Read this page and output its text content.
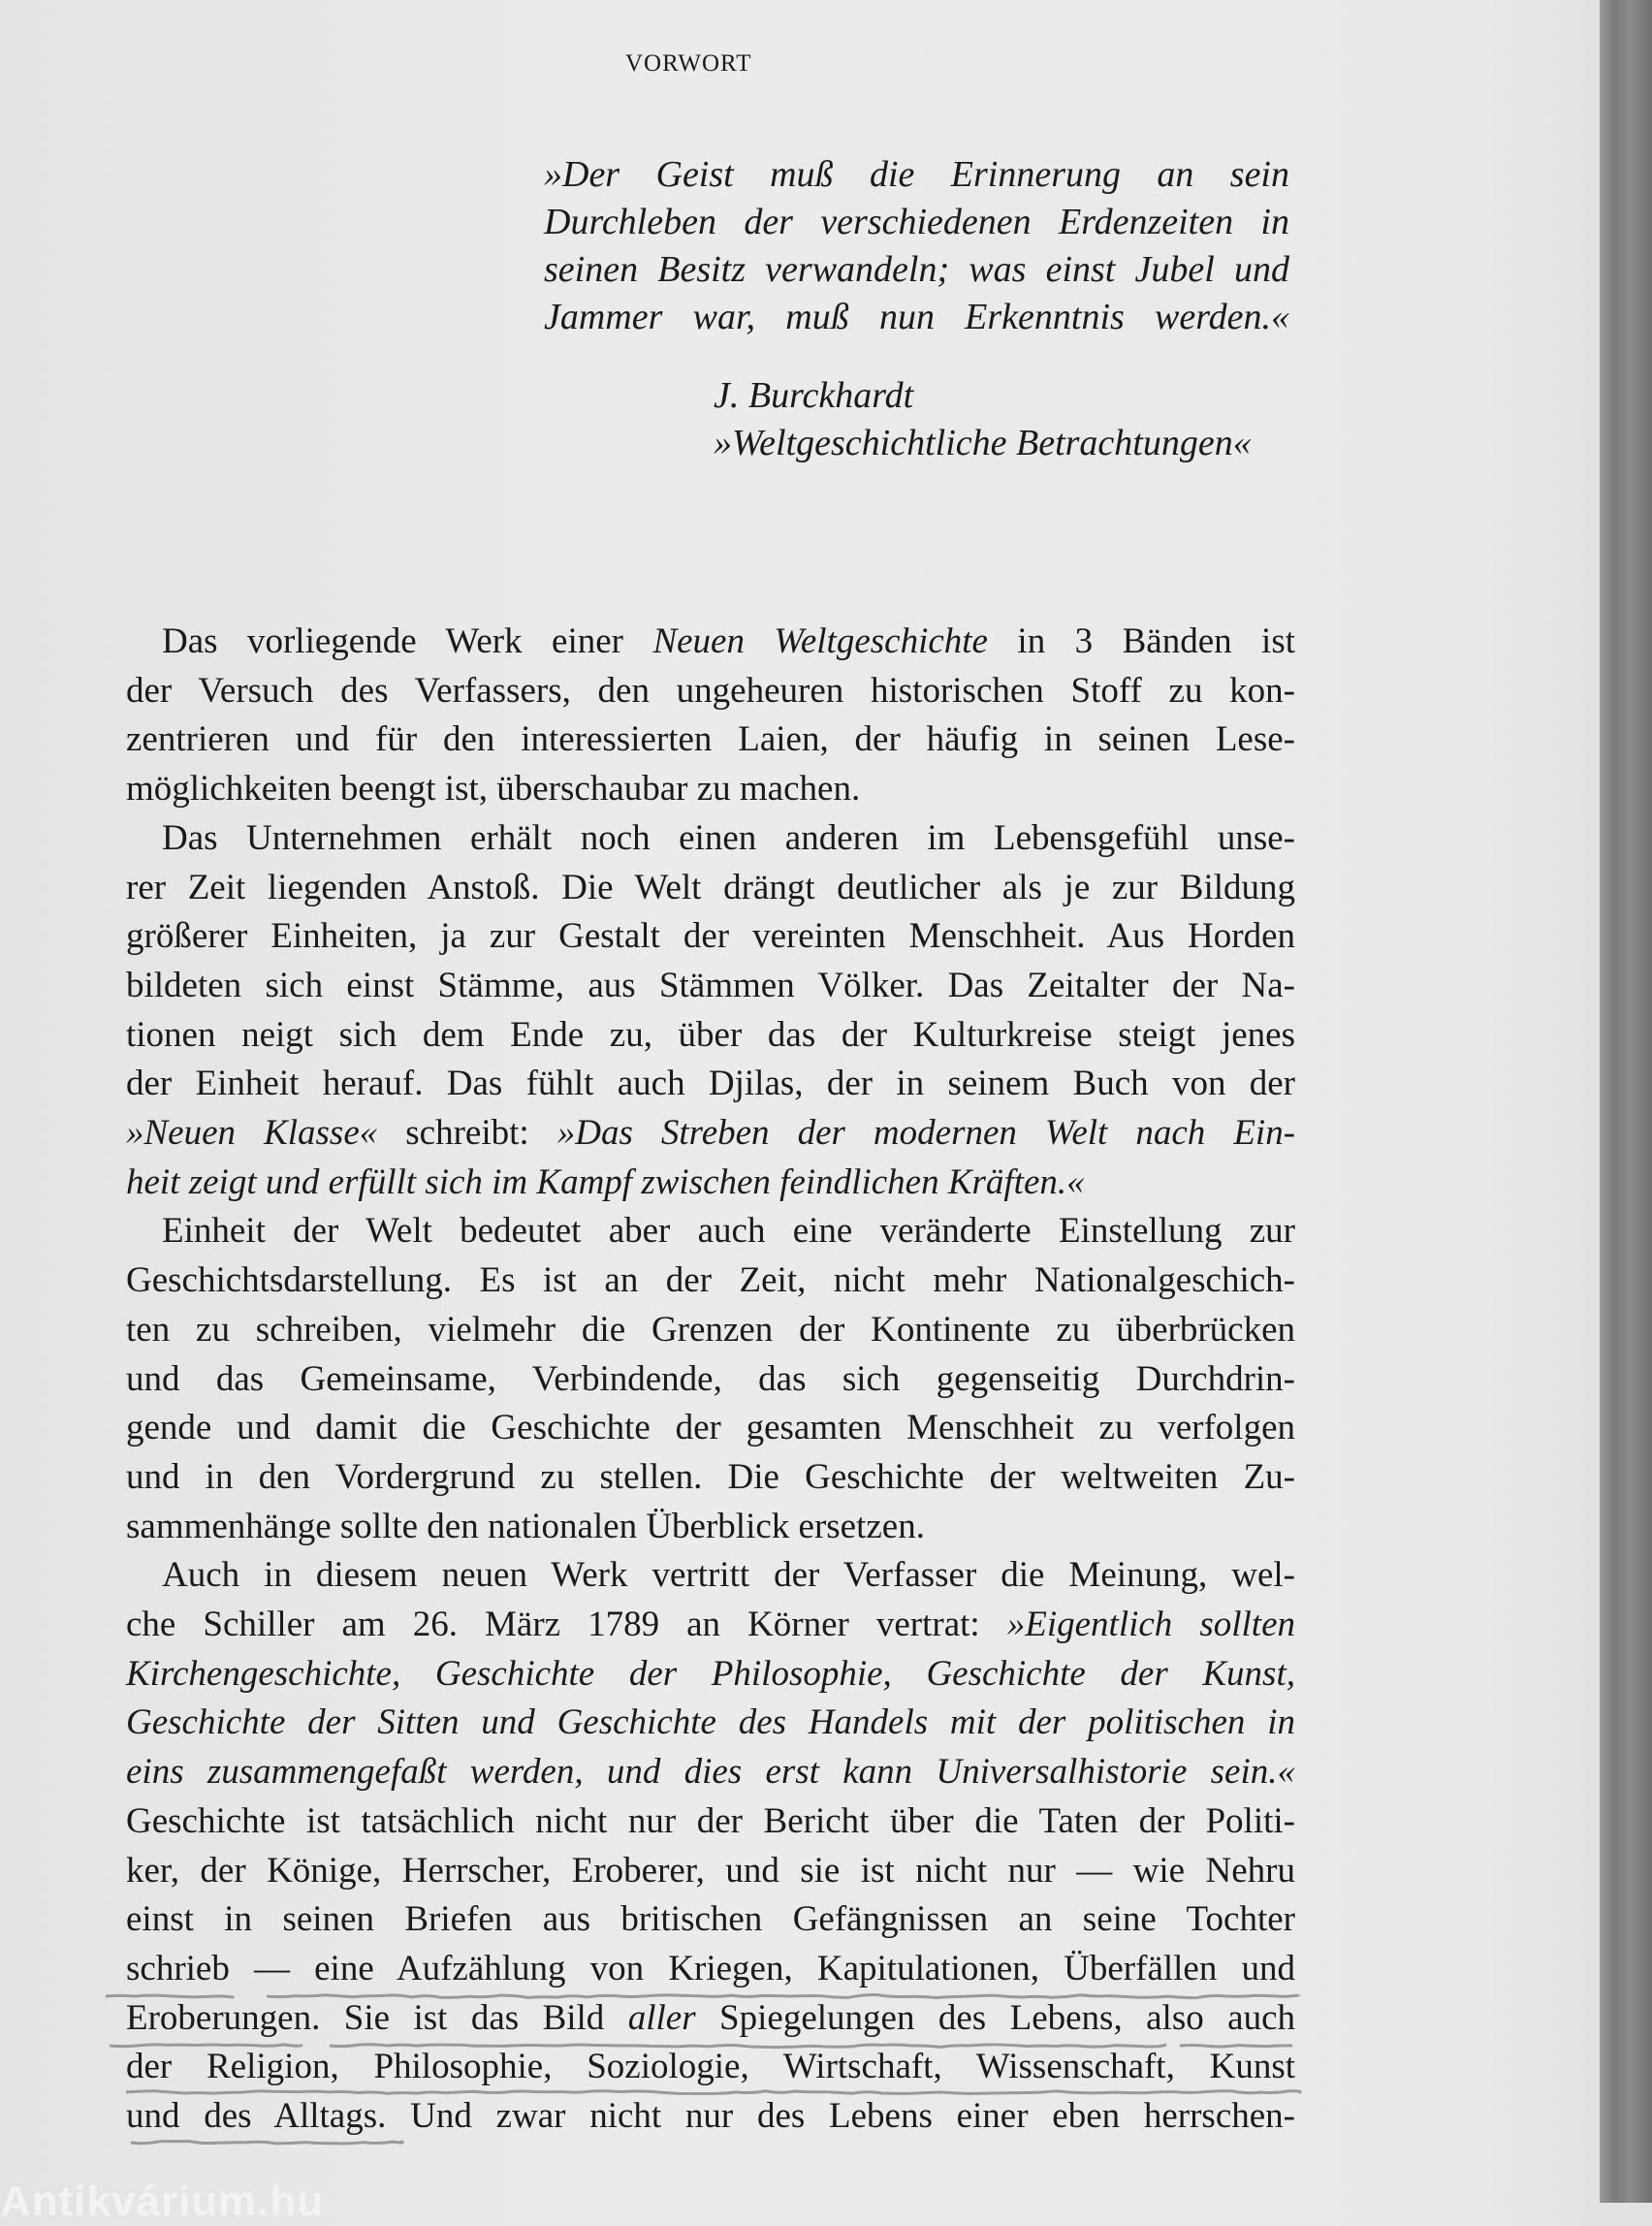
VORWORT
»Der Geist muß die Erinnerung an sein
Durchleben der verschiedenen Erdenzeiten in
seinen Besitz verwandeln; was einst Jubel und
Jammer war, muß nun Erkenntnis werden.«
J. Burckhardt
»Weltgeschichtliche Betrachtungen«
Das vorliegende Werk einer Neuen Weltgeschichte in 3 Bänden ist
der Versuch des Verfassers, den ungeheuren historischen Stoff zu kon-
zentrieren und für den interessierten Laien, der häufig in seinen Lese-
möglichkeiten beengt ist, überschaubar zu machen.
Das Unternehmen erhält noch einen anderen im Lebensgefühl unse-
rer Zeit liegenden Anstoß. Die Welt drängt deutlicher als je zur Bildung
größerer Einheiten, ja zur Gestalt der vereinten Menschheit. Aus Horden
bildeten sich einst Stämme, aus Stämmen Völker. Das Zeitalter der Na-
tionen neigt sich dem Ende zu, über das der Kulturkreise steigt jenes
der Einheit herauf. Das fühlt auch Djilas, der in seinem Buch von der
»Neuen Klasse« schreibt: »Das Streben der modernen Welt nach Ein-
heit zeigt und erfüllt sich im Kampf zwischen feindlichen Kräften.«
Einheit der Welt bedeutet aber auch eine veränderte Einstellung zur
Geschichtsdarstellung. Es ist an der Zeit, nicht mehr Nationalgeschich-
ten zu schreiben, vielmehr die Grenzen der Kontinente zu überbrücken
und das Gemeinsame, Verbindende, das sich gegenseitig Durchdrin-
gende und damit die Geschichte der gesamten Menschheit zu verfolgen
und in den Vordergrund zu stellen. Die Geschichte der weltweiten Zu-
sammenhänge sollte den nationalen Überblick ersetzen.
Auch in diesem neuen Werk vertritt der Verfasser die Meinung, wel-
che Schiller am 26. März 1789 an Körner vertrat: »Eigentlich sollten
Kirchengeschichte, Geschichte der Philosophie, Geschichte der Kunst,
Geschichte der Sitten und Geschichte des Handels mit der politischen in
eins zusammengefaßt werden, und dies erst kann Universalhistorie sein.«
Geschichte ist tatsächlich nicht nur der Bericht über die Taten der Politi-
ker, der Könige, Herrscher, Eroberer, und sie ist nicht nur — wie Nehru
einst in seinen Briefen aus britischen Gefängnissen an seine Tochter
schrieb — eine Aufzählung von Kriegen, Kapitulationen, Überfällen und
Eroberungen. Sie ist das Bild aller Spiegelungen des Lebens, also auch
der Religion, Philosophie, Soziologie, Wirtschaft, Wissenschaft, Kunst
und des Alltags. Und zwar nicht nur des Lebens einer eben herrschen-
Antikvárium.hu
